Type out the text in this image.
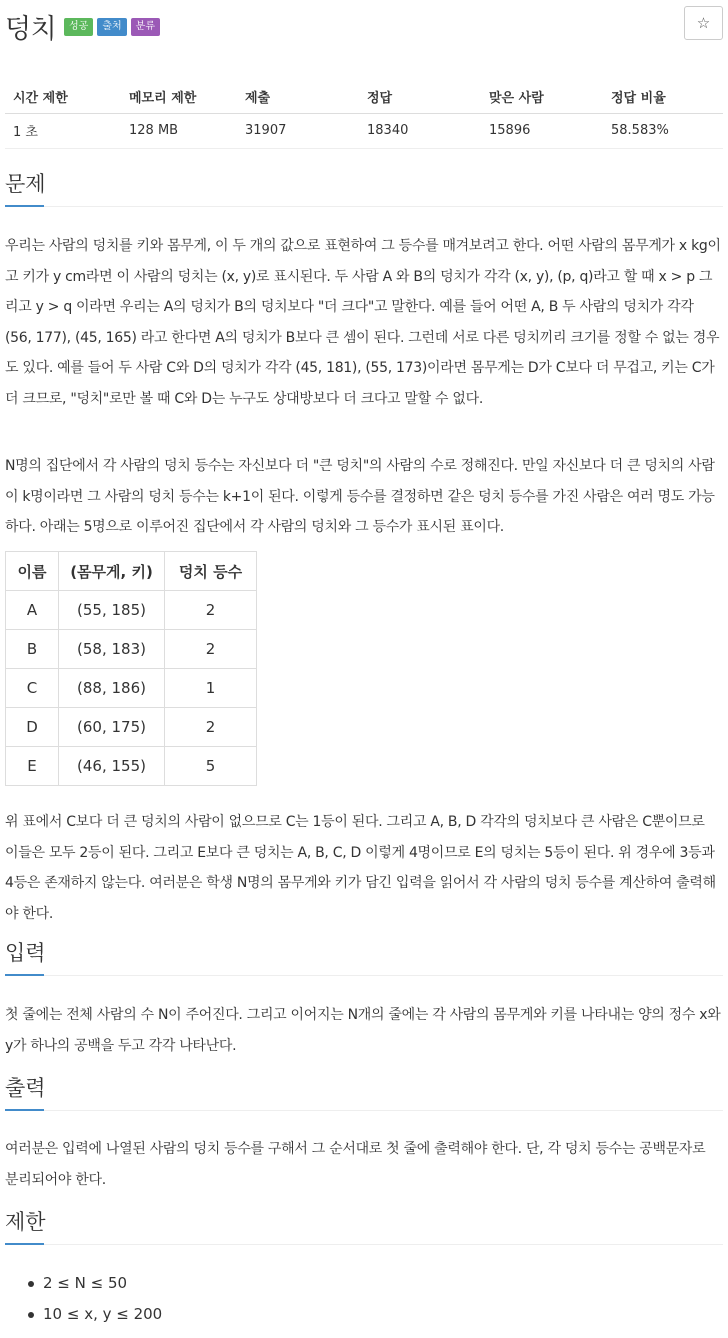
덩치	성공	출처	분류	☆
시간 제한	메모리 제한	제출	정답	맞은 사람	정답 비율
1 초	128 MB	31907	18340	15896	58.583%
문제

우리는 사람의 덩치를 키와 몸무게, 이 두 개의 값으로 표현하여 그 등수를 매겨보려고 한다. 어떤 사람의 몸무게가 x kg이고 키가 y cm라면 이 사람의 덩치는 (x, y)로 표시된다. 두 사람 A 와 B의 덩치가 각각 (x, y), (p, q)라고 할 때 x > p 그리고 y > q 이라면 우리는 A의 덩치가 B의 덩치보다 "더 크다"고 말한다. 예를 들어 어떤 A, B 두 사람의 덩치가 각각 (56, 177), (45, 165) 라고 한다면 A의 덩치가 B보다 큰 셈이 된다. 그런데 서로 다른 덩치끼리 크기를 정할 수 없는 경우도 있다. 예를 들어 두 사람 C와 D의 덩치가 각각 (45, 181), (55, 173)이라면 몸무게는 D가 C보다 더 무겁고, 키는 C가 더 크므로, "덩치"로만 볼 때 C와 D는 누구도 상대방보다 더 크다고 말할 수 없다.

N명의 집단에서 각 사람의 덩치 등수는 자신보다 더 "큰 덩치"의 사람의 수로 정해진다. 만일 자신보다 더 큰 덩치의 사람이 k명이라면 그 사람의 덩치 등수는 k+1이 된다. 이렇게 등수를 결정하면 같은 덩치 등수를 가진 사람은 여러 명도 가능하다. 아래는 5명으로 이루어진 집단에서 각 사람의 덩치와 그 등수가 표시된 표이다.

이름	(몸무게, 키)	덩치 등수
A	(55, 185)	2
B	(58, 183)	2
C	(88, 186)	1
D	(60, 175)	2
E	(46, 155)	5

위 표에서 C보다 더 큰 덩치의 사람이 없으므로 C는 1등이 된다. 그리고 A, B, D 각각의 덩치보다 큰 사람은 C뿐이므로 이들은 모두 2등이 된다. 그리고 E보다 큰 덩치는 A, B, C, D 이렇게 4명이므로 E의 덩치는 5등이 된다. 위 경우에 3등과 4등은 존재하지 않는다. 여러분은 학생 N명의 몸무게와 키가 담긴 입력을 읽어서 각 사람의 덩치 등수를 계산하여 출력해야 한다.

입력

첫 줄에는 전체 사람의 수 N이 주어진다. 그리고 이어지는 N개의 줄에는 각 사람의 몸무게와 키를 나타내는 양의 정수 x와 y가 하나의 공백을 두고 각각 나타난다.

출력

여러분은 입력에 나열된 사람의 덩치 등수를 구해서 그 순서대로 첫 줄에 출력해야 한다. 단, 각 덩치 등수는 공백문자로 분리되어야 한다.

제한
2 ≤ N ≤ 50
10 ≤ x, y ≤ 200
